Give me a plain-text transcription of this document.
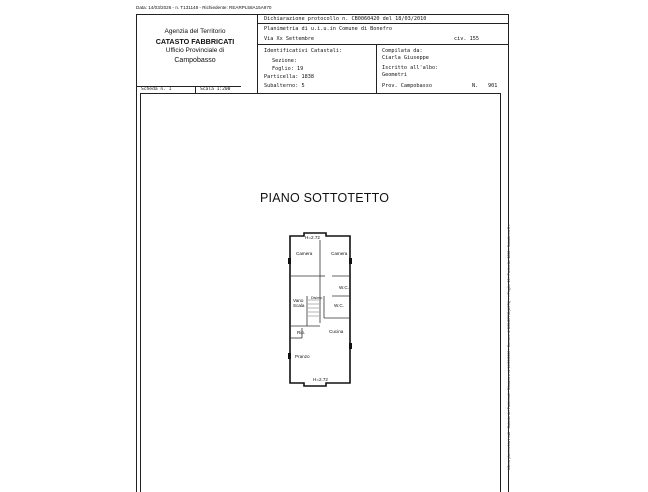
Data: 14/03/2026 - n. T131148 - Richiedente: REARPL58A15A970
Agenzia del Territorio
CATASTO FABBRICATI
Ufficio Provinciale di
Campobasso
Dichiarazione protocollo n. CB0060420 del 18/03/2010
Planimetria di u.i.u.in Comune di Bonefro
Via Xx Settembre	civ. 155
Identificativi Catastali:
Sezione:
Foglio: 19
Particella: 1838
Subalterno: 5
Compilata da:
Ciarla Giuseppe
Iscritto all'albo:
Geometri
Prov. Campobasso	N. 901
Scheda n. 1	Scala 1:200
PIANO SOTTOTETTO
H=2.72
H=2.72
Camera	Camera
Vano Scala
W.C.
W.C.
Rip.	Cucina
Pranzo
Disimp.	Ultima planimetria in atti · Catasto dei Fabbricati - Situazione al 14/03/2026 - Comune di BONEFRO(A971) - < Foglio: 19 - Particella: 1838 - Subalterno 5 >
